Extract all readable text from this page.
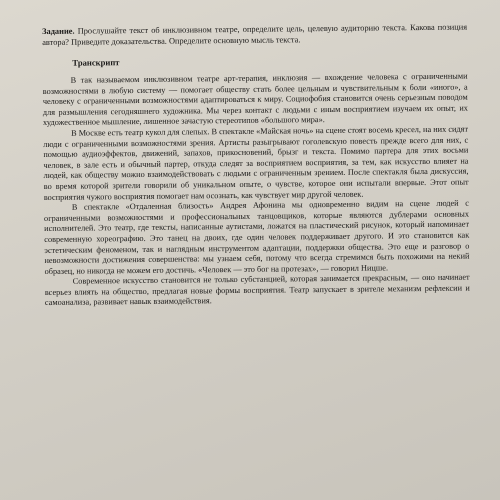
Задание. Прослушайте текст об инклюзивном театре, определите цель, целевую аудиторию текста. Какова позиция автора? Приведите доказательства. Определите основную мысль текста.

Транскрипт

В так называемом инклюзивном театре арт-терапия, инклюзия — вхождение человека с ограниченными возможностями в любую систему — помогает обществу стать более цельным и чувствительным к боли «иного», а человеку с ограниченными возможностями адаптироваться к миру. Социофобия становится очень серьезным поводом для размышления сегодняшнего художника. Мы через контакт с людьми с иным восприятием изучаем их опыт, их художественное мышление, лишенное зачастую стереотипов «большого мира».

В Москве есть театр кукол для слепых. В спектакле «Майская ночь» на сцене стоят восемь кресел, на них сидят люди с ограниченными возможностями зрения. Артисты разыгрывают гоголевскую повесть прежде всего для них, с помощью аудиоэффектов, движений, запахов, прикосновений, брызг и текста. Помимо партера для этих восьми человек, в зале есть и обычный партер, откуда следят за восприятием восприятия, за тем, как искусство влияет на людей, как обществу можно взаимодействовать с людьми с ограниченным зрением. После спектакля была дискуссия, во время которой зрители говорили об уникальном опыте, о чувстве, которое они испытали впервые. Этот опыт восприятия чужого восприятия помогает нам осознать, как чувствует мир другой человек.

В спектакле «Отдаленная близость» Андрея Афонина мы одновременно видим на сцене людей с ограниченными возможностями и профессиональных танцовщиков, которые являются дублерами основных исполнителей. Это театр, где тексты, написанные аутистами, ложатся на пластический рисунок, который напоминает современную хореографию. Это танец на двоих, где один человек поддерживает другого. И это становится как эстетическим феноменом, так и наглядным инструментом адаптации, поддержки общества. Это еще и разговор о невозможности достижения совершенства: мы узнаем себя, потому что всегда стремимся быть похожими на некий образец, но никогда не можем его достичь. «Человек — это бог на протезах», — говорил Ницше.

Современное искусство становится не только субстанцией, которая занимается прекрасным, — оно начинает всерьез влиять на общество, предлагая новые формы восприятия. Театр запускает в зрителе механизм рефлексии и самоанализа, развивает навык взаимодействия.
